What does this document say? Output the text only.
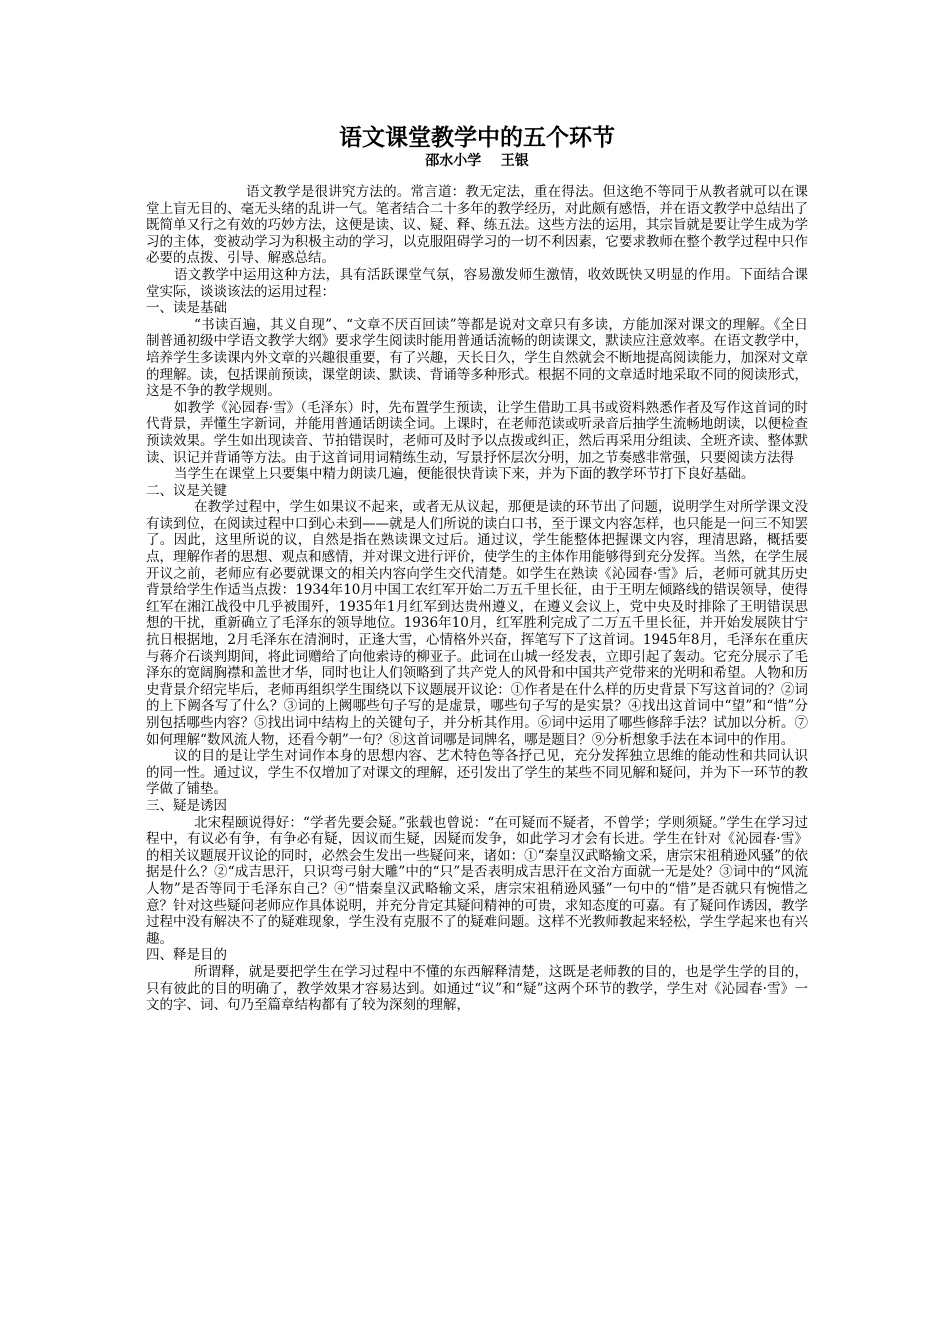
语文课堂教学中的五个环节

邵水小学    王银

语文教学是很讲究方法的。常言道：教无定法，重在得法。但这绝不等同于从教者就可以在课堂上盲无目的、毫无头绪的乱讲一气。笔者结合二十多年的教学经历，对此颇有感悟，并在语文教学中总结出了既简单又行之有效的巧妙方法，这便是读、议、疑、释、练五法。这些方法的运用，其宗旨就是要让学生成为学习的主体，变被动学习为积极主动的学习，以克服阻碍学习的一切不利因素，它要求教师在整个教学过程中只作必要的点拨、引导、解惑总结。

语文教学中运用这种方法，具有活跃课堂气氛，容易激发师生激情，收效既快又明显的作用。下面结合课堂实际，谈谈该法的运用过程：

一、读是基础

“书读百遍，其义自现”、“文章不厌百回读”等都是说对文章只有多读，方能加深对课文的理解。《全日制普通初级中学语文教学大纲》要求学生阅读时能用普通话流畅的朗读课文，默读应注意效率。在语文教学中，培养学生多读课内外文章的兴趣很重要，有了兴趣，天长日久，学生自然就会不断地提高阅读能力，加深对文章的理解。读，包括课前预读，课堂朗读、默读、背诵等多种形式。根据不同的文章适时地采取不同的阅读形式，这是不争的教学规则。

如教学《沁园春·雪》（毛泽东）时，先布置学生预读，让学生借助工具书或资料熟悉作者及写作这首词的时代背景，弄懂生字新词，并能用普通话朗读全词。上课时，在老师范读或听录音后抽学生流畅地朗读，以便检查预读效果。学生如出现读音、节拍错误时，老师可及时予以点拨或纠正，然后再采用分组读、全班齐读、整体默读、识记并背诵等方法。由于这首词用词精练生动，写景抒怀层次分明，加之节奏感非常强，只要阅读方法得

当学生在课堂上只要集中精力朗读几遍，便能很快背读下来，并为下面的教学环节打下良好基础。

二、议是关键

在教学过程中，学生如果议不起来，或者无从议起，那便是读的环节出了问题，说明学生对所学课文没有读到位，在阅读过程中口到心未到——就是人们所说的读白口书，至于课文内容怎样，也只能是一问三不知罢了。因此，这里所说的议，自然是指在熟读课文过后。通过议，学生能整体把握课文内容，理清思路，概括要点，理解作者的思想、观点和感情，并对课文进行评价，使学生的主体作用能够得到充分发挥。当然，在学生展开议之前，老师应有必要就课文的相关内容向学生交代清楚。如学生在熟读《沁园春·雪》后，老师可就其历史背景给学生作适当点拨：1934年10月中国工农红军开始二万五千里长征，由于王明左倾路线的错误领导，使得红军在湘江战役中几乎被围歼，1935年1月红军到达贵州遵义，在遵义会议上，党中央及时排除了王明错误思想的干扰，重新确立了毛泽东的领导地位。1936年10月，红军胜利完成了二万五千里长征，并开始发展陕甘宁抗日根据地，2月毛泽东在清涧时，正逢大雪，心情格外兴奋，挥笔写下了这首词。1945年8月，毛泽东在重庆与蒋介石谈判期间，将此词赠给了向他索诗的柳亚子。此词在山城一经发表，立即引起了轰动。它充分展示了毛泽东的宽阔胸襟和盖世才华，同时也让人们领略到了共产党人的风骨和中国共产党带来的光明和希望。人物和历史背景介绍完毕后，老师再组织学生围绕以下议题展开议论：①作者是在什么样的历史背景下写这首词的？②词的上下阙各写了什么？③词的上阙哪些句子写的是虚景，哪些句子写的是实景？④找出这首词中“望”和“惜”分别包括哪些内容？⑤找出词中结构上的关键句子，并分析其作用。⑥词中运用了哪些修辞手法？试加以分析。⑦如何理解“数风流人物，还看今朝”一句？⑧这首词哪是词牌名，哪是题目？⑨分析想象手法在本词中的作用。

议的目的是让学生对词作本身的思想内容、艺术特色等各抒己见，充分发挥独立思维的能动性和共同认识的同一性。通过议，学生不仅增加了对课文的理解，还引发出了学生的某些不同见解和疑问，并为下一环节的教学做了铺垫。

三、疑是诱因

北宋程颐说得好：“学者先要会疑。”张载也曾说：“在可疑而不疑者，不曾学；学则须疑。”学生在学习过程中，有议必有争，有争必有疑，因议而生疑，因疑而发争，如此学习才会有长进。学生在针对《沁园春·雪》的相关议题展开议论的同时，必然会生发出一些疑问来，诸如：①“秦皇汉武略输文采，唐宗宋祖稍逊风骚”的依据是什么？②“成吉思汗，只识弯弓射大雕”中的“只”是否表明成吉思汗在文治方面就一无是处？③词中的“风流人物”是否等同于毛泽东自己？④“惜秦皇汉武略输文采，唐宗宋祖稍逊风骚”一句中的“惜”是否就只有惋惜之意？针对这些疑问老师应作具体说明，并充分肯定其疑问精神的可贵，求知态度的可嘉。有了疑问作诱因，教学过程中没有解决不了的疑难现象，学生没有克服不了的疑难问题。这样不光教师教起来轻松，学生学起来也有兴趣。

四、释是目的

所谓释，就是要把学生在学习过程中不懂的东西解释清楚，这既是老师教的目的，也是学生学的目的，只有彼此的目的明确了，教学效果才容易达到。如通过“议”和“疑”这两个环节的教学，学生对《沁园春·雪》一文的字、词、句乃至篇章结构都有了较为深刻的理解，
